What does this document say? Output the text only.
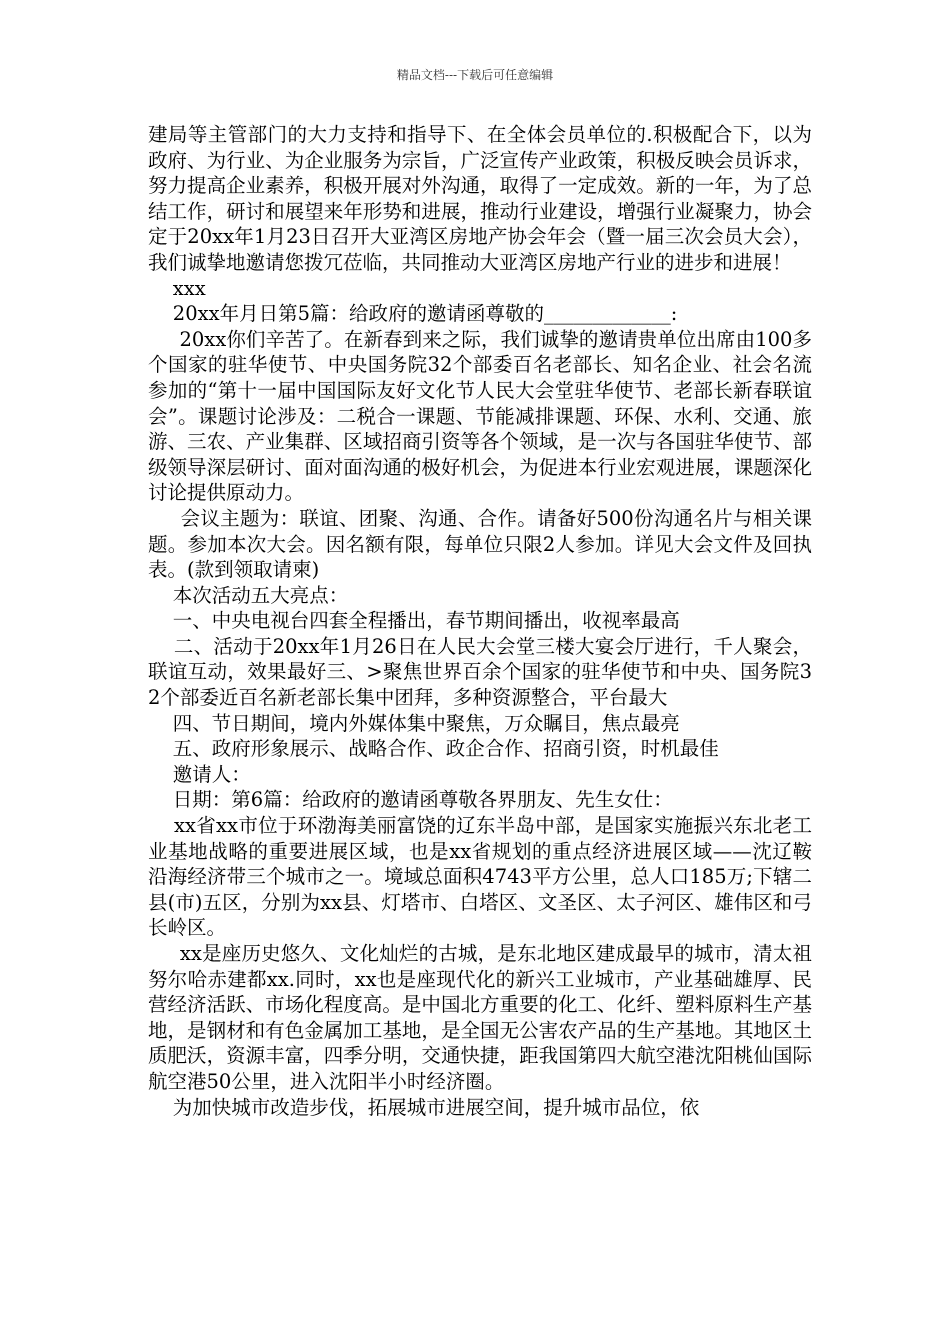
精品文档---下载后可任意编辑

建局等主管部门的大力支持和指导下、在全体会员单位的.积极配合下，以为政府、为行业、为企业服务为宗旨，广泛宣传产业政策，积极反映会员诉求，努力提高企业素养，积极开展对外沟通，取得了一定成效。新的一年，为了总结工作，研讨和展望来年形势和进展，推动行业建设，增强行业凝聚力，协会定于20xx年1月23日召开大亚湾区房地产协会年会（暨一届三次会员大会），我们诚挚地邀请您拨冗莅临，共同推动大亚湾区房地产行业的进步和进展！

xxx

20xx年月日第5篇：给政府的邀请函尊敬的_____________:

20xx你们辛苦了。在新春到来之际，我们诚挚的邀请贵单位出席由100多个国家的驻华使节、中央国务院32个部委百名老部长、知名企业、社会名流参加的“第十一届中国国际友好文化节人民大会堂驻华使节、老部长新春联谊会”。课题讨论涉及：二税合一课题、节能减排课题、环保、水利、交通、旅游、三农、产业集群、区域招商引资等各个领域，是一次与各国驻华使节、部级领导深层研讨、面对面沟通的极好机会，为促进本行业宏观进展，课题深化讨论提供原动力。

会议主题为：联谊、团聚、沟通、合作。请备好500份沟通名片与相关课题。参加本次大会。因名额有限，每单位只限2人参加。详见大会文件及回执表。(款到领取请柬)

本次活动五大亮点：

一、中央电视台四套全程播出，春节期间播出，收视率最高

二、活动于20xx年1月26日在人民大会堂三楼大宴会厅进行，千人聚会，联谊互动，效果最好三、>聚焦世界百余个国家的驻华使节和中央、国务院32个部委近百名新老部长集中团拜，多种资源整合，平台最大

四、节日期间，境内外媒体集中聚焦，万众瞩目，焦点最亮

五、政府形象展示、战略合作、政企合作、招商引资，时机最佳

邀请人：

日期：第6篇：给政府的邀请函尊敬各界朋友、先生女仕：

xx省xx市位于环渤海美丽富饶的辽东半岛中部，是国家实施振兴东北老工业基地战略的重要进展区域，也是xx省规划的重点经济进展区域——沈辽鞍沿海经济带三个城市之一。境域总面积4743平方公里，总人口185万;下辖二县(市)五区，分别为xx县、灯塔市、白塔区、文圣区、太子河区、雄伟区和弓长岭区。

xx是座历史悠久、文化灿烂的古城，是东北地区建成最早的城市，清太祖努尔哈赤建都xx.同时，xx也是座现代化的新兴工业城市，产业基础雄厚、民营经济活跃、市场化程度高。是中国北方重要的化工、化纤、塑料原料生产基地，是钢材和有色金属加工基地，是全国无公害农产品的生产基地。其地区土质肥沃，资源丰富，四季分明，交通快捷，距我国第四大航空港沈阳桃仙国际航空港50公里，进入沈阳半小时经济圈。

为加快城市改造步伐，拓展城市进展空间，提升城市品位，依
